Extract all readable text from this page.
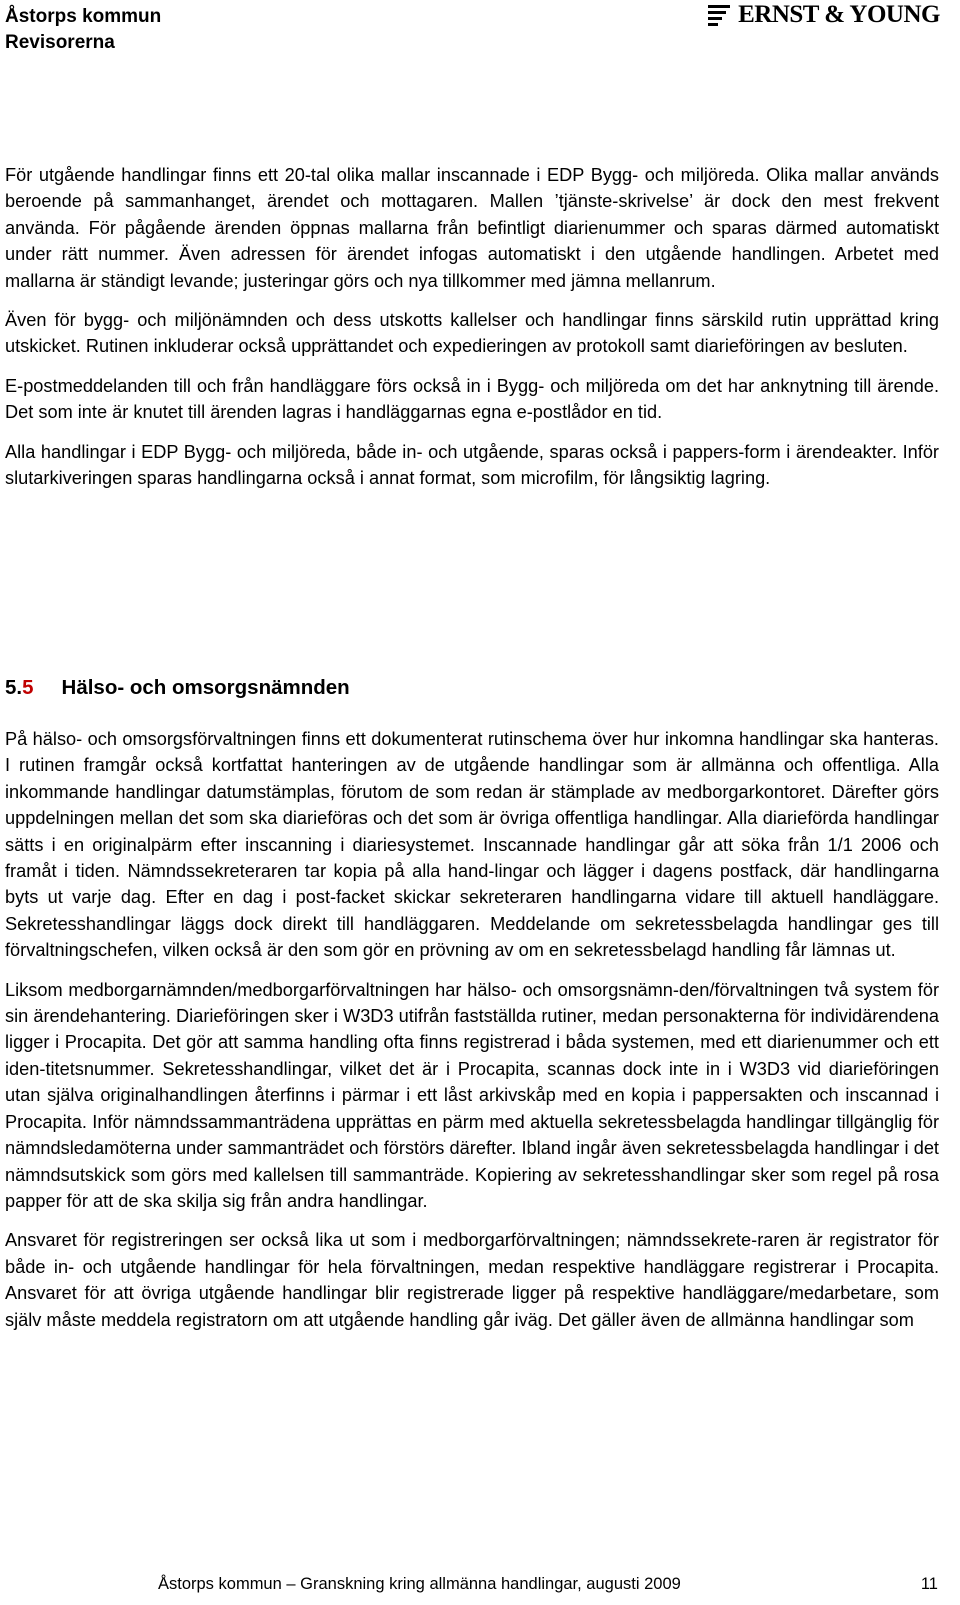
Åstorps kommun
Revisorerna
ERNST & YOUNG

För utgående handlingar finns ett 20-tal olika mallar inscannade i EDP Bygg- och miljöreda. Olika mallar används beroende på sammanhanget, ärendet och mottagaren. Mallen ’tjänste-skrivelse’ är dock den mest frekvent använda. För pågående ärenden öppnas mallarna från befintligt diarienummer och sparas därmed automatiskt under rätt nummer. Även adressen för ärendet infogas automatiskt i den utgående handlingen. Arbetet med mallarna är ständigt levande; justeringar görs och nya tillkommer med jämna mellanrum.

Även för bygg- och miljönämnden och dess utskotts kallelser och handlingar finns särskild rutin upprättad kring utskicket. Rutinen inkluderar också upprättandet och expedieringen av protokoll samt diarieföringen av besluten.

E-postmeddelanden till och från handläggare förs också in i Bygg- och miljöreda om det har anknytning till ärende. Det som inte är knutet till ärenden lagras i handläggarnas egna e-postlådor en tid.

Alla handlingar i EDP Bygg- och miljöreda, både in- och utgående, sparas också i pappers-form i ärendeakter. Inför slutarkiveringen sparas handlingarna också i annat format, som microfilm, för långsiktig lagring.

5.5 Hälso- och omsorgsnämnden

På hälso- och omsorgsförvaltningen finns ett dokumenterat rutinschema över hur inkomna handlingar ska hanteras. I rutinen framgår också kortfattat hanteringen av de utgående handlingar som är allmänna och offentliga. Alla inkommande handlingar datumstämplas, förutom de som redan är stämplade av medborgarkontoret. Därefter görs uppdelningen mellan det som ska diarieföras och det som är övriga offentliga handlingar. Alla diarieförda handlingar sätts i en originalpärm efter inscanning i diariesystemet. Inscannade handlingar går att söka från 1/1 2006 och framåt i tiden. Nämndssekreteraren tar kopia på alla hand-lingar och lägger i dagens postfack, där handlingarna byts ut varje dag. Efter en dag i post-facket skickar sekreteraren handlingarna vidare till aktuell handläggare. Sekretesshandlingar läggs dock direkt till handläggaren. Meddelande om sekretessbelagda handlingar ges till förvaltningschefen, vilken också är den som gör en prövning av om en sekretessbelagd handling får lämnas ut.

Liksom medborgarnämnden/medborgarförvaltningen har hälso- och omsorgsnämn-den/förvaltningen två system för sin ärendehantering. Diarieföringen sker i W3D3 utifrån fastställda rutiner, medan personakterna för individärendena ligger i Procapita. Det gör att samma handling ofta finns registrerad i båda systemen, med ett diarienummer och ett iden-titetsnummer. Sekretesshandlingar, vilket det är i Procapita, scannas dock inte in i W3D3 vid diarieföringen utan själva originalhandlingen återfinns i pärmar i ett låst arkivskåp med en kopia i pappersakten och inscannad i Procapita. Inför nämndssammanträdena upprättas en pärm med aktuella sekretessbelagda handlingar tillgänglig för nämndsledamöterna under sammanträdet och förstörs därefter. Ibland ingår även sekretessbelagda handlingar i det nämndsutskick som görs med kallelsen till sammanträde. Kopiering av sekretesshandlingar sker som regel på rosa papper för att de ska skilja sig från andra handlingar.

Ansvaret för registreringen ser också lika ut som i medborgarförvaltningen; nämndssekrete-raren är registrator för både in- och utgående handlingar för hela förvaltningen, medan respektive handläggare registrerar i Procapita. Ansvaret för att övriga utgående handlingar blir registrerade ligger på respektive handläggare/medarbetare, som själv måste meddela registratorn om att utgående handling går iväg. Det gäller även de allmänna handlingar som

Åstorps kommun – Granskning kring allmänna handlingar, augusti 2009	11
